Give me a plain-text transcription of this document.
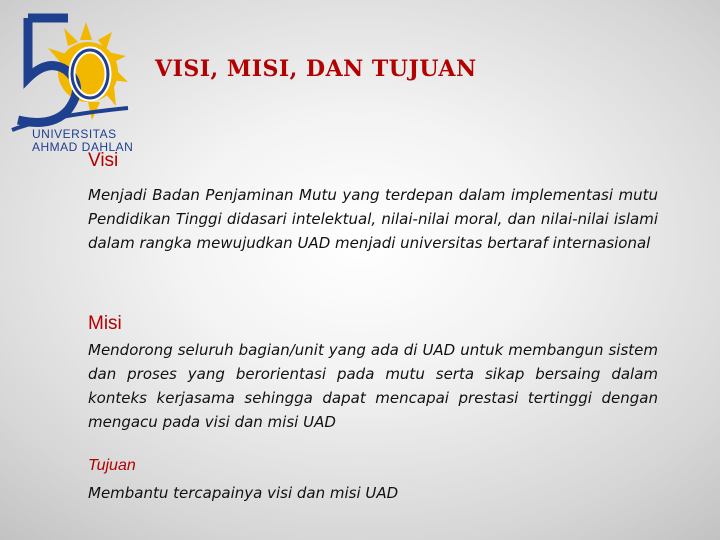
UNIVERSITAS
AHMAD DAHLAN
VISI, MISI, DAN TUJUAN
Visi
Menjadi Badan Penjaminan Mutu yang terdepan dalam implementasi mutu Pendidikan Tinggi didasari intelektual, nilai-nilai moral, dan nilai-nilai islami dalam rangka mewujudkan UAD menjadi universitas bertaraf internasional
Misi
Mendorong seluruh bagian/unit yang ada di UAD untuk membangun sistem dan proses yang berorientasi pada mutu serta sikap bersaing dalam konteks kerjasama sehingga dapat mencapai prestasi tertinggi dengan mengacu pada visi dan misi UAD
Tujuan
Membantu tercapainya visi dan misi UAD
